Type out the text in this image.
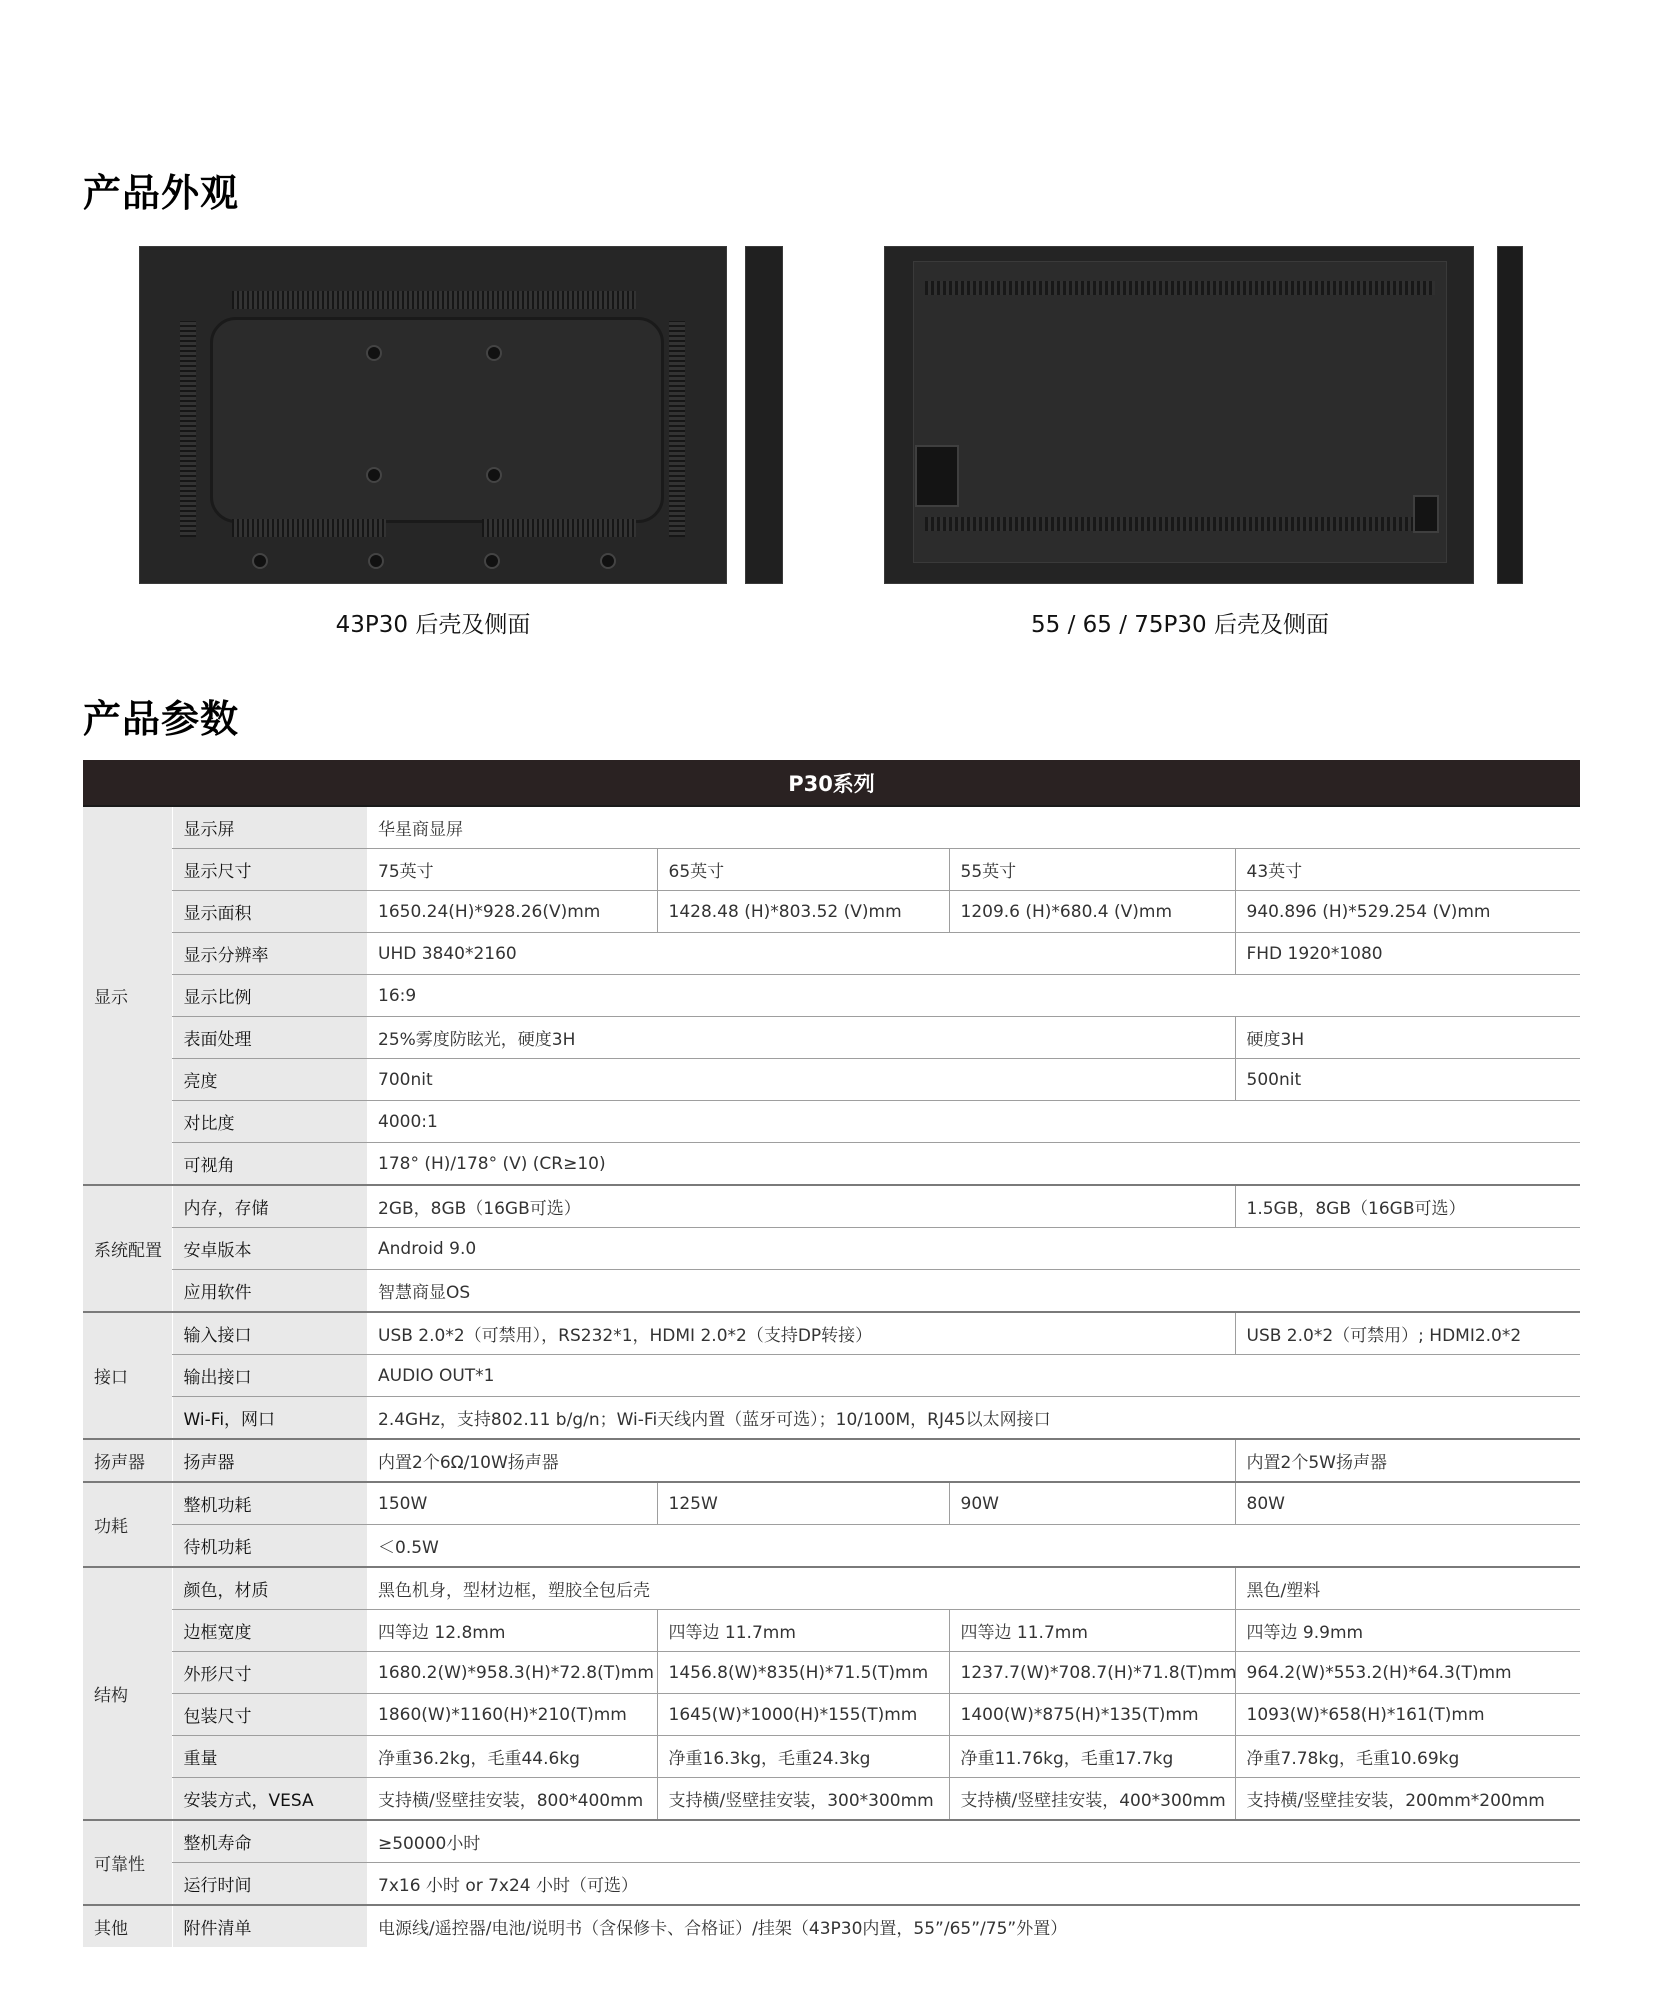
产品外观
43P30 后壳及侧面	55 / 65 / 75P30 后壳及侧面
产品参数
P30系列					
显示	显示屏	华星商显屏			
	显示尺寸	75英寸	65英寸	55英寸	43英寸
	显示面积	1650.24(H)*928.26(V)mm	1428.48 (H)*803.52 (V)mm	1209.6 (H)*680.4 (V)mm	940.896 (H)*529.254 (V)mm
	显示分辨率	UHD 3840*2160			FHD 1920*1080
	显示比例	16:9			
	表面处理	25%雾度防眩光，硬度3H			硬度3H
	亮度	700nit			500nit
	对比度	4000:1			
	可视角	178° (H)/178° (V) (CR≥10)			
系统配置	内存，存储	2GB，8GB（16GB可选）			1.5GB，8GB（16GB可选）
	安卓版本	Android 9.0			
	应用软件	智慧商显OS			
接口	输入接口	USB 2.0*2（可禁用），RS232*1，HDMI 2.0*2（支持DP转接）			USB 2.0*2（可禁用）; HDMI2.0*2
	输出接口	AUDIO OUT*1			
	Wi-Fi，网口	2.4GHz，支持802.11 b/g/n；Wi-Fi天线内置（蓝牙可选）；10/100M，RJ45以太网接口			
扬声器	扬声器	内置2个6Ω/10W扬声器			内置2个5W扬声器
功耗	整机功耗	150W	125W	90W	80W
	待机功耗	＜0.5W			
结构	颜色，材质	黑色机身，型材边框，塑胶全包后壳			黑色/塑料
	边框宽度	四等边 12.8mm	四等边 11.7mm	四等边 11.7mm	四等边 9.9mm
	外形尺寸	1680.2(W)*958.3(H)*72.8(T)mm	1456.8(W)*835(H)*71.5(T)mm	1237.7(W)*708.7(H)*71.8(T)mm	964.2(W)*553.2(H)*64.3(T)mm
	包装尺寸	1860(W)*1160(H)*210(T)mm	1645(W)*1000(H)*155(T)mm	1400(W)*875(H)*135(T)mm	1093(W)*658(H)*161(T)mm
	重量	净重36.2kg，毛重44.6kg	净重16.3kg，毛重24.3kg	净重11.76kg，毛重17.7kg	净重7.78kg，毛重10.69kg
	安装方式，VESA	支持横/竖壁挂安装，800*400mm	支持横/竖壁挂安装，300*300mm	支持横/竖壁挂安装，400*300mm	支持横/竖壁挂安装，200mm*200mm
可靠性	整机寿命	≥50000小时			
	运行时间	7x16 小时 or 7x24 小时（可选）			
其他	附件清单	电源线/遥控器/电池/说明书（含保修卡、合格证）/挂架（43P30内置，55”/65”/75”外置）			
